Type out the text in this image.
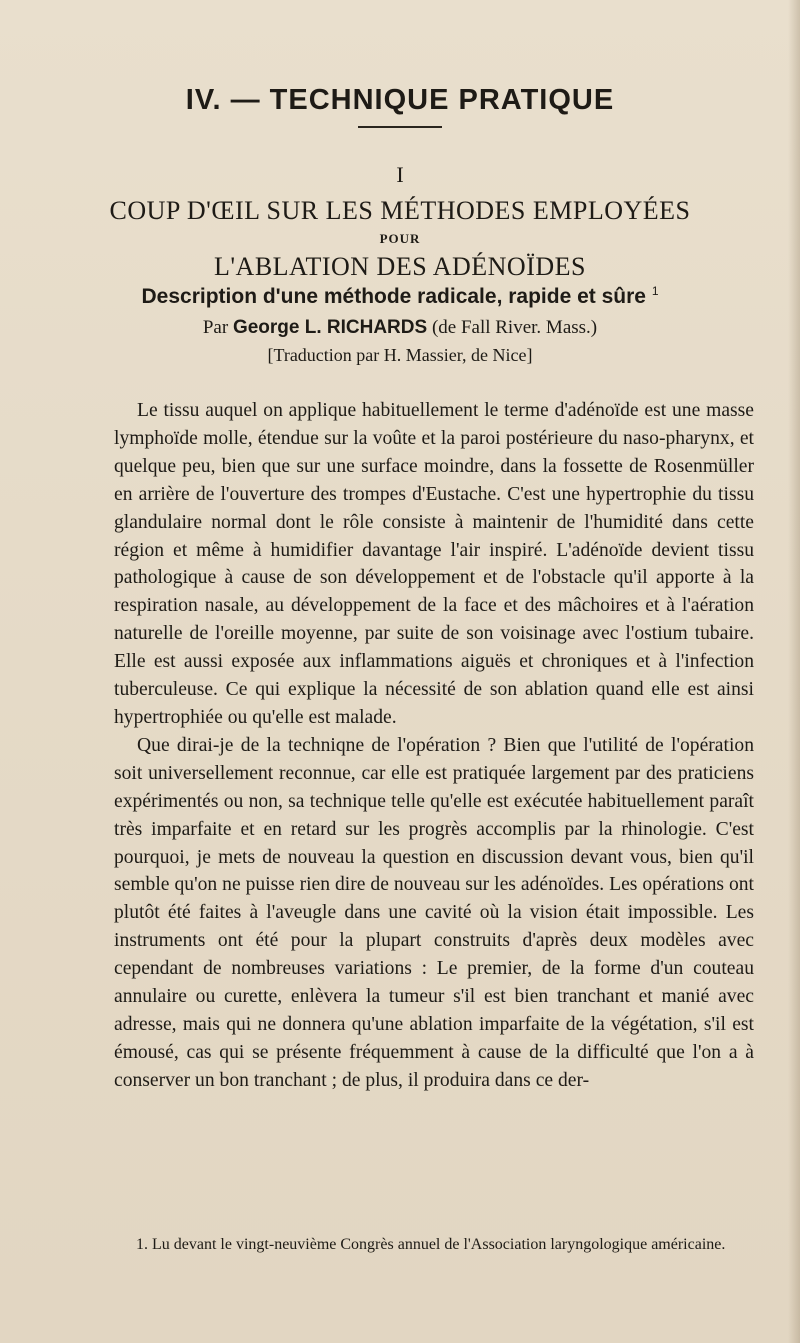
IV. — TECHNIQUE PRATIQUE
I
COUP D'ŒIL SUR LES MÉTHODES EMPLOYÉES
POUR
L'ABLATION DES ADÉNOÏDES
Description d'une méthode radicale, rapide et sûre $^1$
Par George L. RICHARDS (de Fall River. Mass.)
[Traduction par H. Massier, de Nice]

Le tissu auquel on applique habituellement le terme d'adénoïde est une masse lymphoïde molle, étendue sur la voûte et la paroi postérieure du naso-pharynx, et quelque peu, bien que sur une surface moindre, dans la fossette de Rosenmüller en arrière de l'ouverture des trompes d'Eustache. C'est une hypertrophie du tissu glandulaire normal dont le rôle consiste à maintenir de l'humidité dans cette région et même à humidifier davantage l'air inspiré. L'adénoïde devient tissu pathologique à cause de son développement et de l'obstacle qu'il apporte à la respiration nasale, au développement de la face et des mâchoires et à l'aération naturelle de l'oreille moyenne, par suite de son voisinage avec l'ostium tubaire. Elle est aussi exposée aux inflammations aiguës et chroniques et à l'infection tuberculeuse. Ce qui explique la nécessité de son ablation quand elle est ainsi hypertrophiée ou qu'elle est malade.

Que dirai-je de la techniqne de l'opération ? Bien que l'utilité de l'opération soit universellement reconnue, car elle est pratiquée largement par des praticiens expérimentés ou non, sa technique telle qu'elle est exécutée habituellement paraît très imparfaite et en retard sur les progrès accomplis par la rhinologie. C'est pourquoi, je mets de nouveau la question en discussion devant vous, bien qu'il semble qu'on ne puisse rien dire de nouveau sur les adénoïdes. Les opérations ont plutôt été faites à l'aveugle dans une cavité où la vision était impossible. Les instruments ont été pour la plupart construits d'après deux modèles avec cependant de nombreuses variations : Le premier, de la forme d'un couteau annulaire ou curette, enlèvera la tumeur s'il est bien tranchant et manié avec adresse, mais qui ne donnera qu'une ablation imparfaite de la végétation, s'il est émousé, cas qui se présente fréquemment à cause de la difficulté que l'on a à conserver un bon tranchant ; de plus, il produira dans ce der-

1. Lu devant le vingt-neuvième Congrès annuel de l'Association laryngologique américaine.
